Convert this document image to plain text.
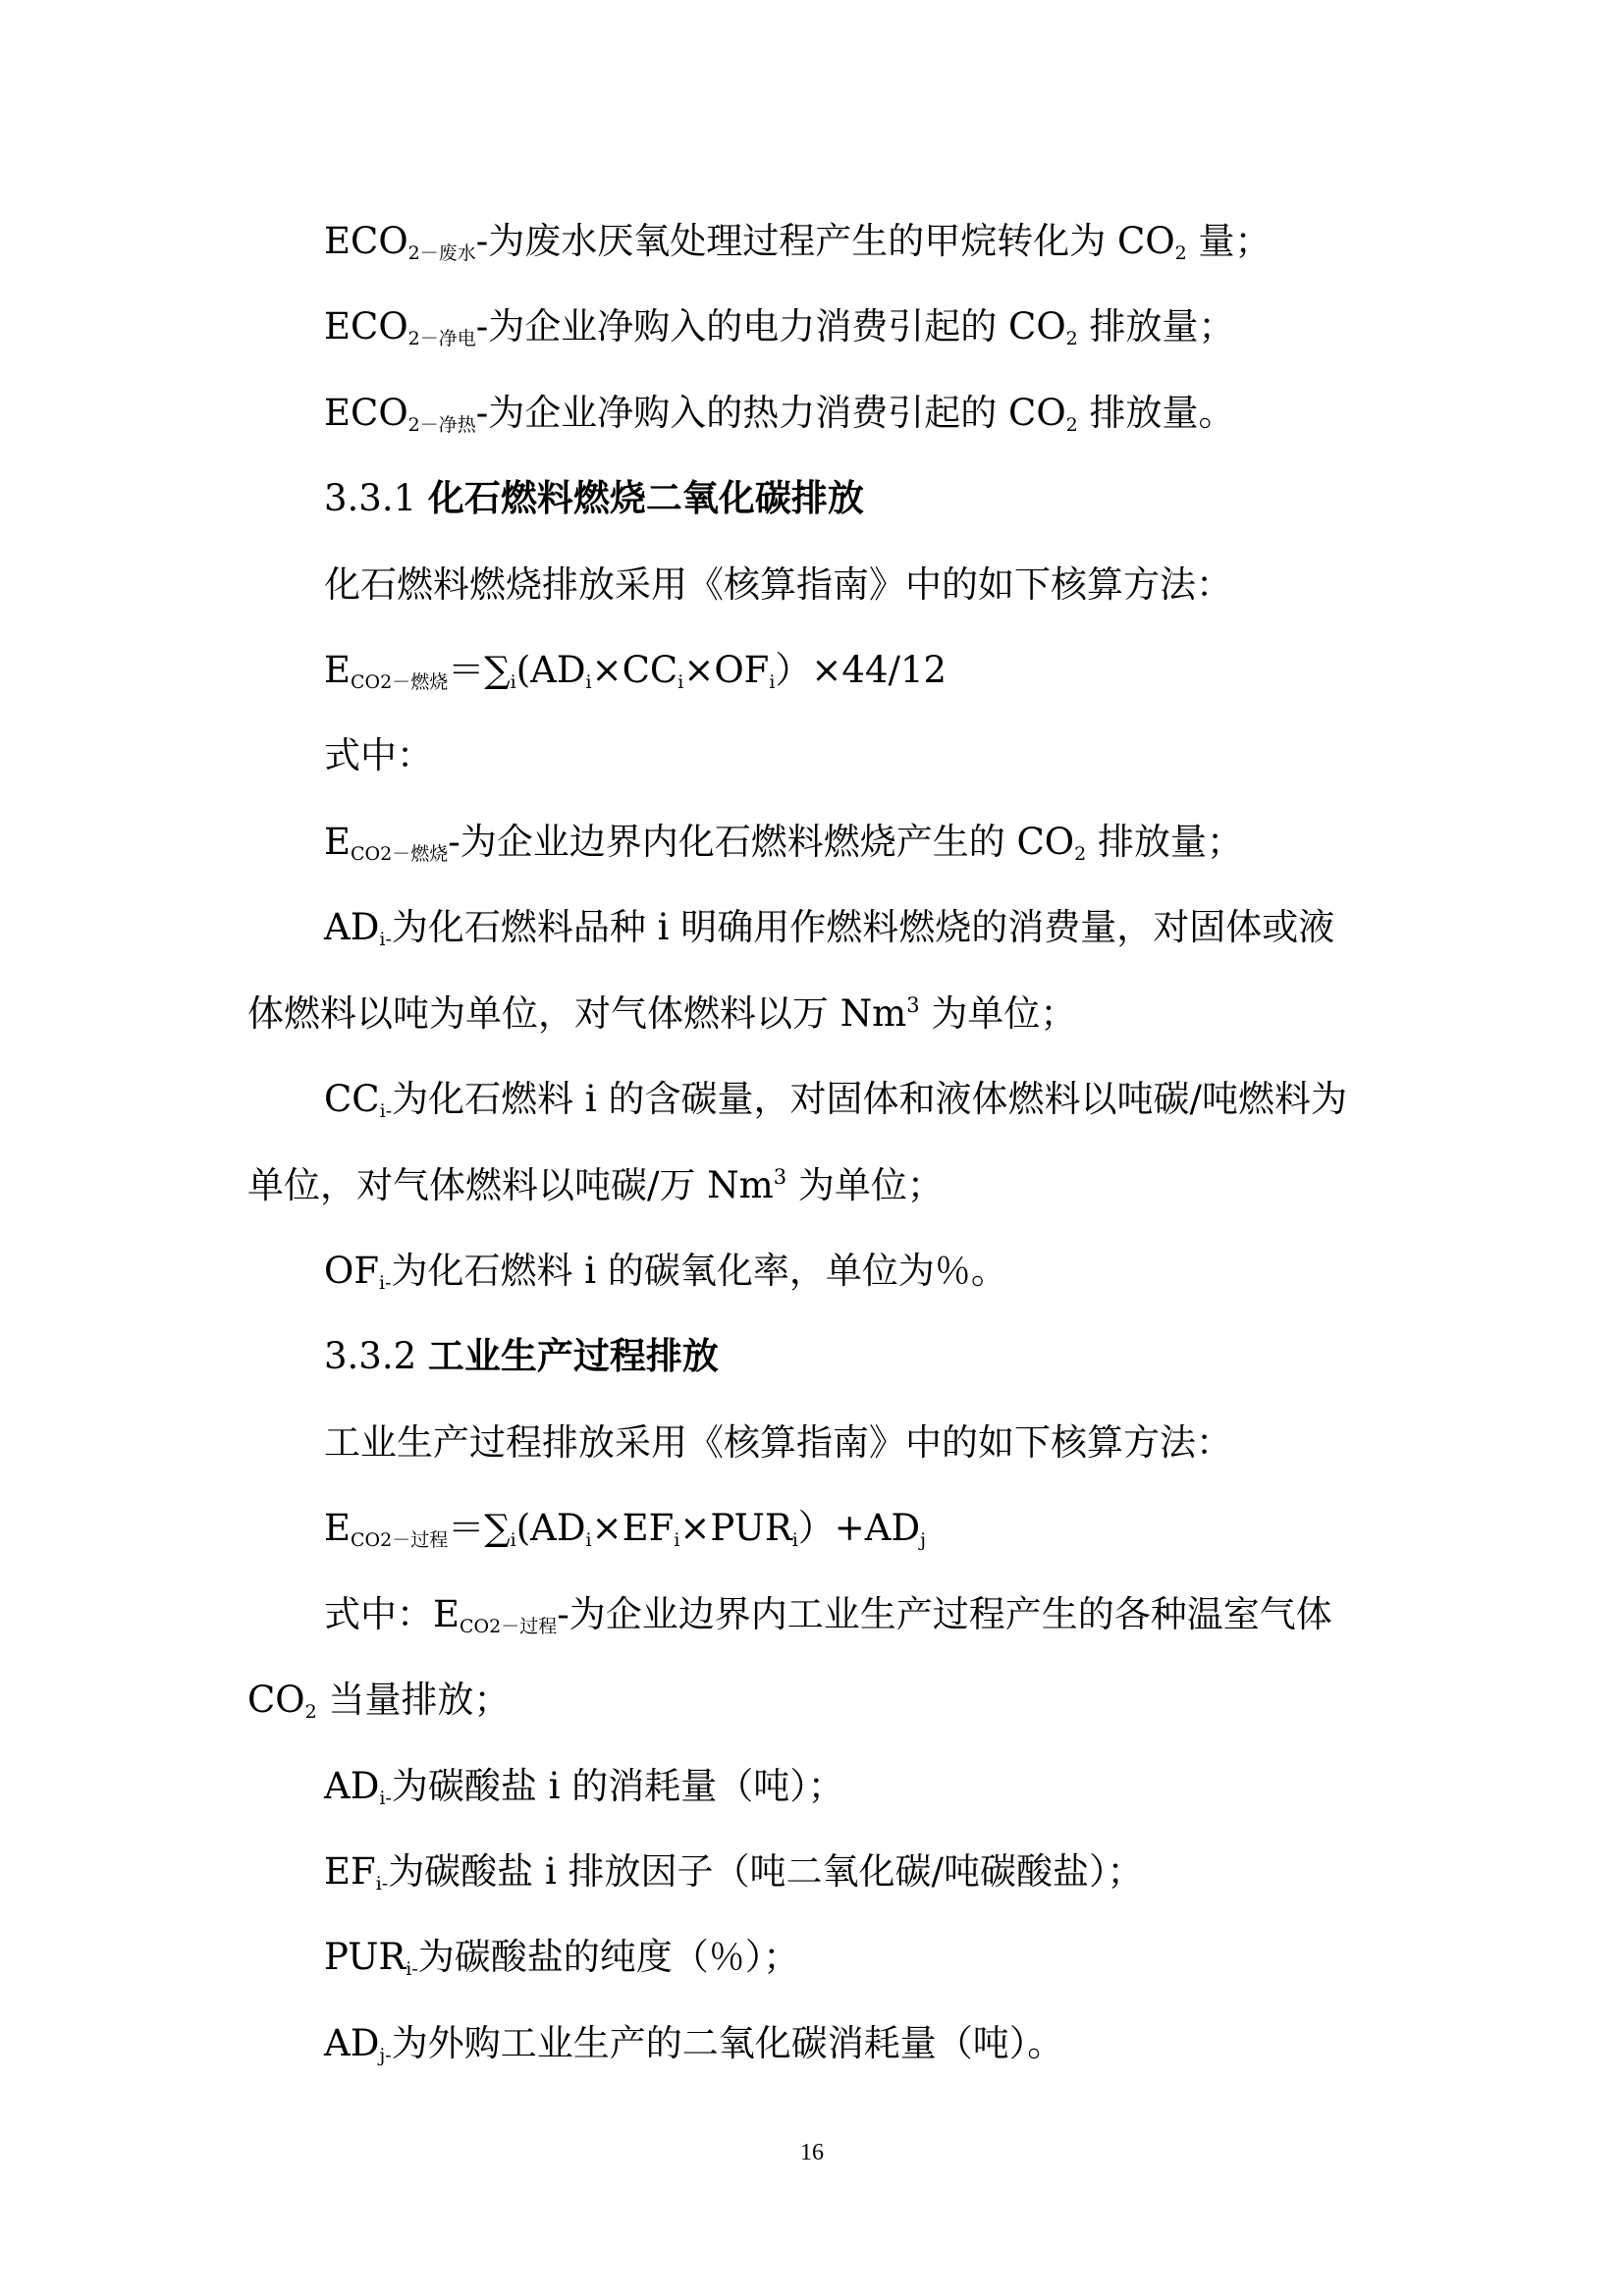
$ECO_{2-废水}-$为废水厌氧处理过程产生的甲烷转化为 $CO_2$ 量；
$ECO_{2-净电}-$为企业净购入的电力消费引起的 $CO_2$ 排放量；
$ECO_{2-净热}-$为企业净购入的热力消费引起的 $CO_2$ 排放量。
3.3.1 化石燃料燃烧二氧化碳排放
化石燃料燃烧排放采用《核算指南》中的如下核算方法：
$E_{CO2-燃烧}=\sum_i(AD_i\times CC_i\times OF_i)\times 44/12$
式中：
$E_{CO2-燃烧}-$为企业边界内化石燃料燃烧产生的 $CO_2$ 排放量；
$AD_{i-}$为化石燃料品种 i 明确用作燃料燃烧的消费量，对固体或液
体燃料以吨为单位，对气体燃料以万 Nm$^3$ 为单位；
$CC_{i-}$为化石燃料 i 的含碳量，对固体和液体燃料以吨碳/吨燃料为
单位，对气体燃料以吨碳/万 Nm$^3$ 为单位；
$OF_{i-}$为化石燃料 i 的碳氧化率，单位为％。
3.3.2 工业生产过程排放
工业生产过程排放采用《核算指南》中的如下核算方法：
$E_{CO2-过程}=\sum_i(AD_i\times EF_i\times PUR_i)+AD_j$
式中：$E_{CO2-过程}-$为企业边界内工业生产过程产生的各种温室气体
$CO_2$ 当量排放；
$AD_{i-}$为碳酸盐 i 的消耗量（吨）；
$EF_{i-}$为碳酸盐 i 排放因子（吨二氧化碳/吨碳酸盐）；
$PUR_{i-}$为碳酸盐的纯度（％）；
$AD_{j-}$为外购工业生产的二氧化碳消耗量（吨）。
16
